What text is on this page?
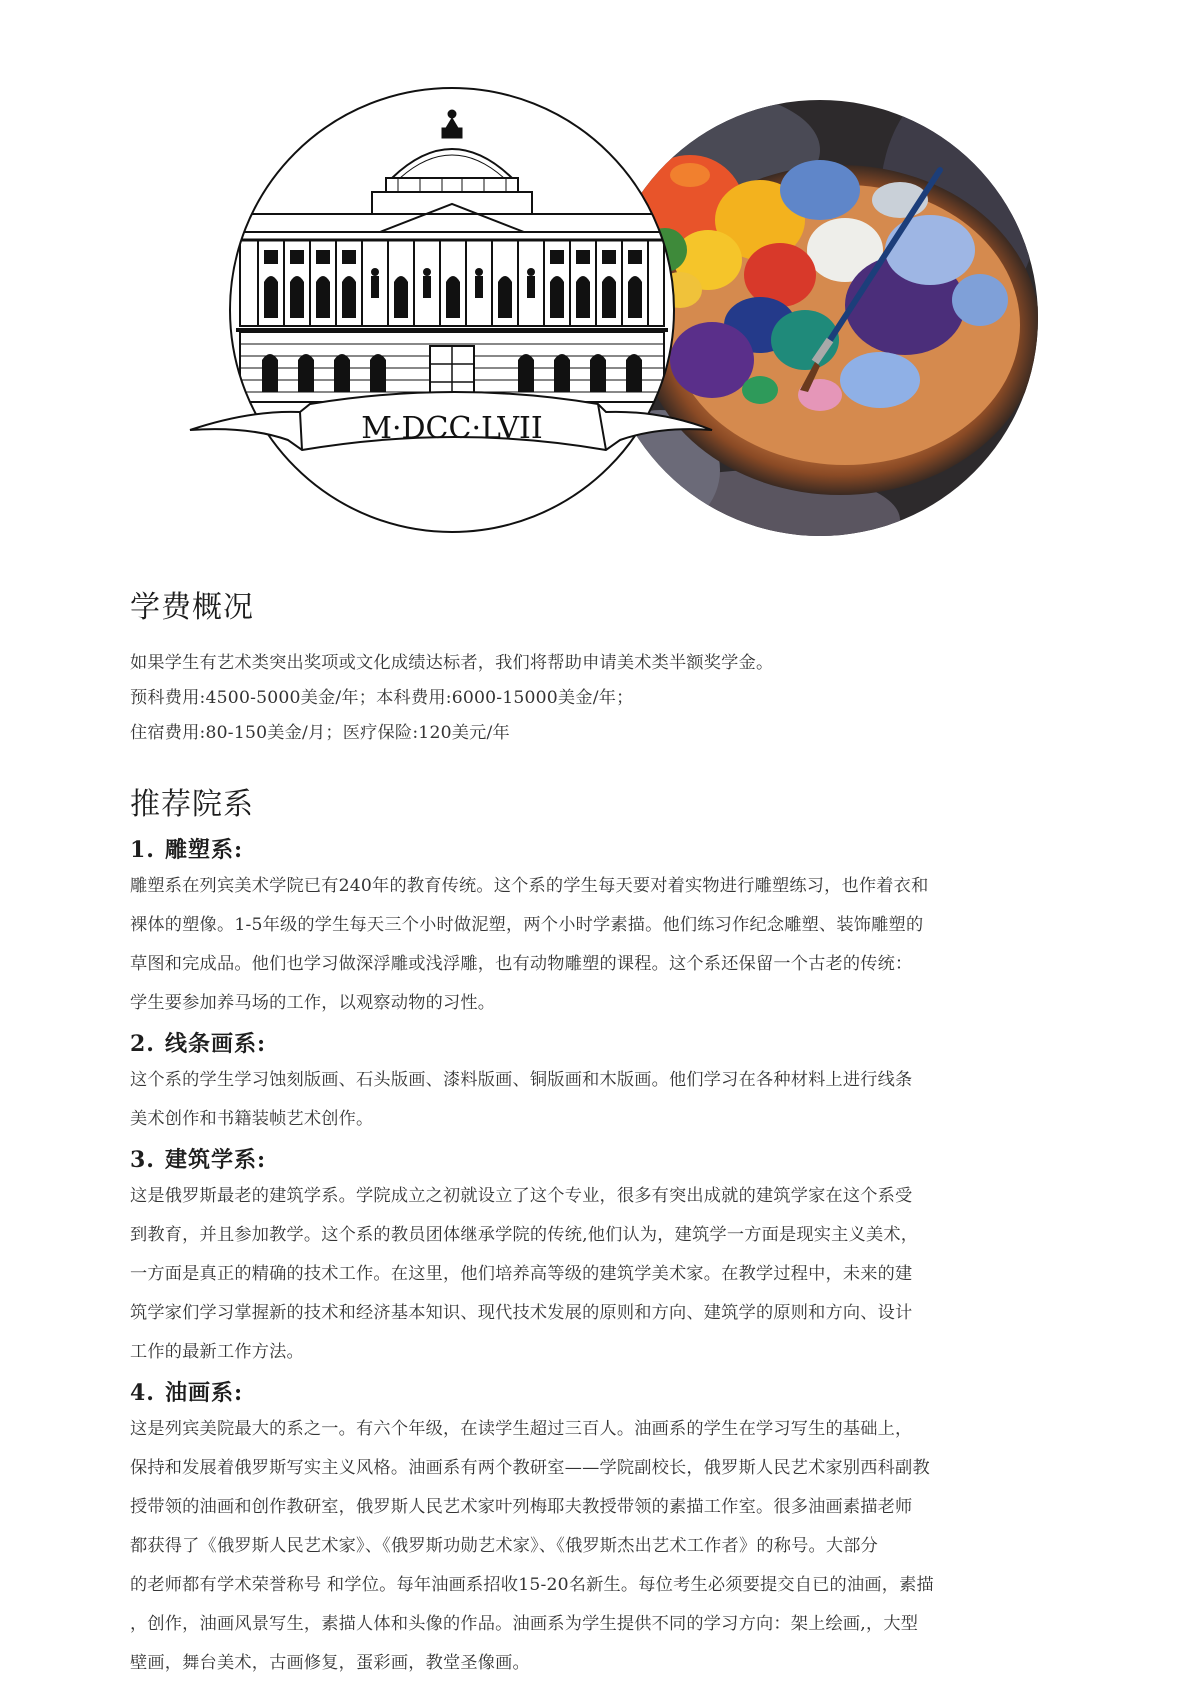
M·DCC·LVII
学费概况

如果学生有艺术类突出奖项或文化成绩达标者，我们将帮助申请美术类半额奖学金。

预科费用:4500-5000美金/年；本科费用:6000-15000美金/年；

住宿费用:80-150美金/月；医疗保险:120美元/年

推荐院系
1. 雕塑系:

雕塑系在列宾美术学院已有240年的教育传统。这个系的学生每天要对着实物进行雕塑练习，也作着衣和

裸体的塑像。1-5年级的学生每天三个小时做泥塑，两个小时学素描。他们练习作纪念雕塑、装饰雕塑的

草图和完成品。他们也学习做深浮雕或浅浮雕，也有动物雕塑的课程。这个系还保留一个古老的传统：

学生要参加养马场的工作，以观察动物的习性。

2. 线条画系:

这个系的学生学习蚀刻版画、石头版画、漆料版画、铜版画和木版画。他们学习在各种材料上进行线条

美术创作和书籍装帧艺术创作。

3. 建筑学系:

这是俄罗斯最老的建筑学系。学院成立之初就设立了这个专业，很多有突出成就的建筑学家在这个系受

到教育，并且参加教学。这个系的教员团体继承学院的传统,他们认为，建筑学一方面是现实主义美术，

一方面是真正的精确的技术工作。在这里，他们培养高等级的建筑学美术家。在教学过程中，未来的建

筑学家们学习掌握新的技术和经济基本知识、现代技术发展的原则和方向、建筑学的原则和方向、设计

工作的最新工作方法。

4. 油画系:

这是列宾美院最大的系之一。有六个年级，在读学生超过三百人。油画系的学生在学习写生的基础上，

保持和发展着俄罗斯写实主义风格。油画系有两个教研室——学院副校长，俄罗斯人民艺术家别西科副教

授带领的油画和创作教研室，俄罗斯人民艺术家叶列梅耶夫教授带领的素描工作室。很多油画素描老师

都获得了《俄罗斯人民艺术家》、《俄罗斯功勋艺术家》、《俄罗斯杰出艺术工作者》的称号。大部分

的老师都有学术荣誉称号 和学位。每年油画系招收15-20名新生。每位考生必须要提交自已的油画，素描

，创作，油画风景写生，素描人体和头像的作品。油画系为学生提供不同的学习方向：架上绘画,，大型

壁画，舞台美术，古画修复，蛋彩画，教堂圣像画。
